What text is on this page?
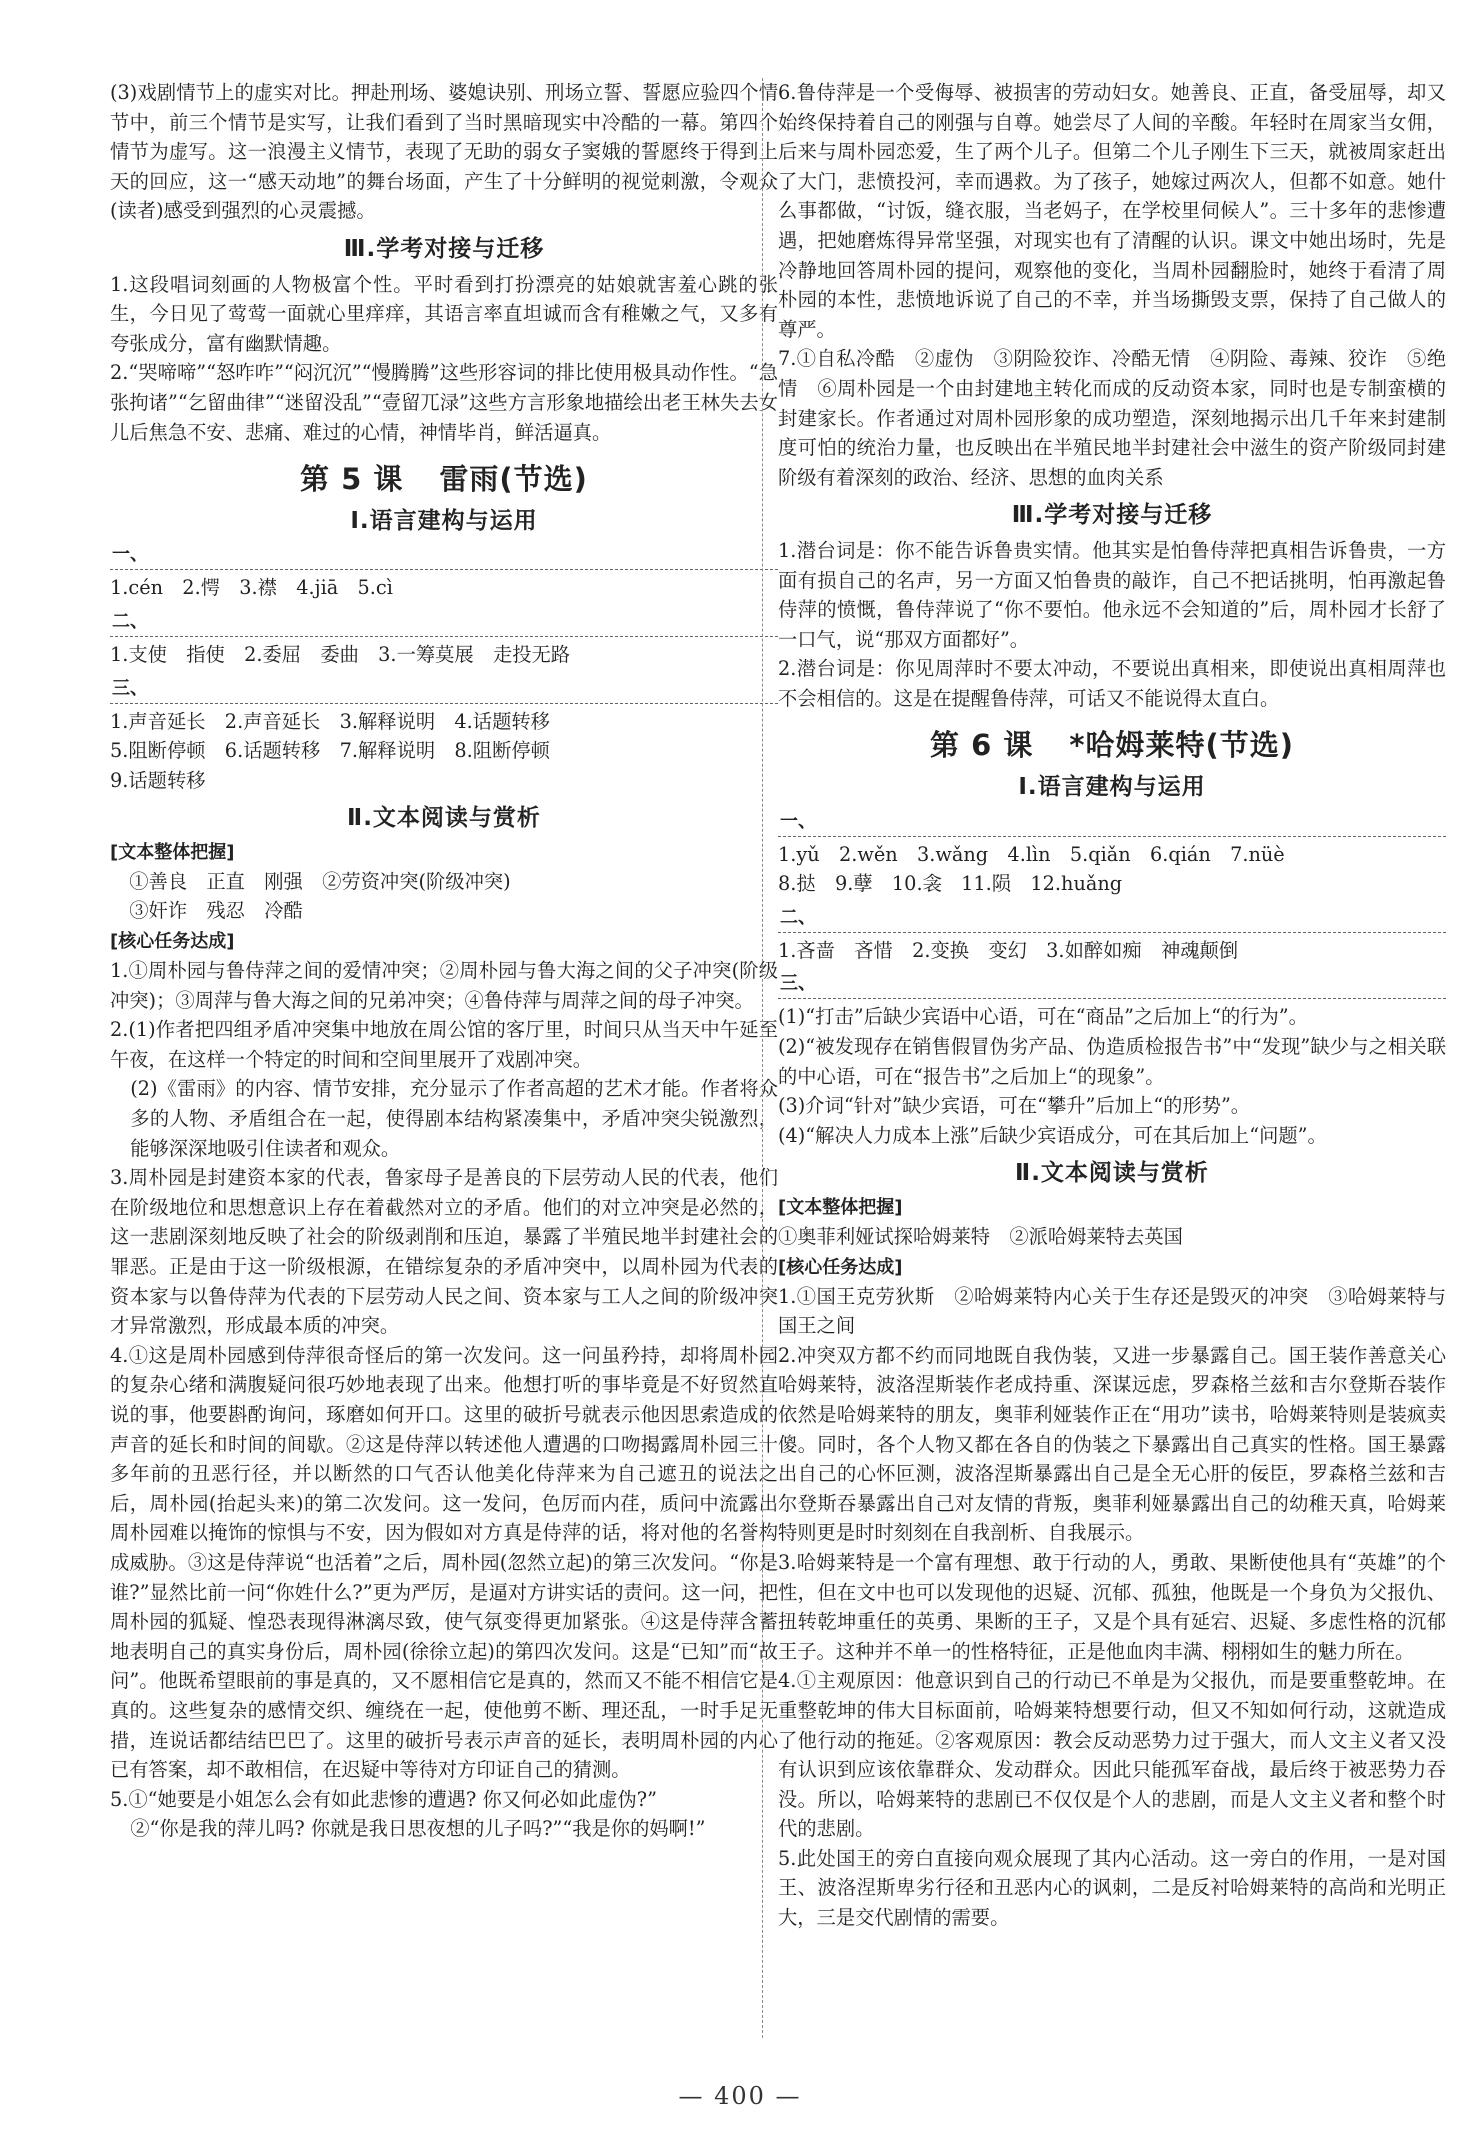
(3)戏剧情节上的虚实对比。押赴刑场、婆媳诀别、刑场立誓、誓愿应验四个情节中，前三个情节是实写，让我们看到了当时黑暗现实中冷酷的一幕。第四个情节为虚写。这一浪漫主义情节，表现了无助的弱女子窦娥的誓愿终于得到上天的回应，这一“感天动地”的舞台场面，产生了十分鲜明的视觉刺激，令观众(读者)感受到强烈的心灵震撼。
Ⅲ.学考对接与迁移
1.这段唱词刻画的人物极富个性。平时看到打扮漂亮的姑娘就害羞心跳的张生，今日见了莺莺一面就心里痒痒，其语言率直坦诚而含有稚嫩之气，又多有夸张成分，富有幽默情趣。
2.“哭啼啼”“怒咋咋”“闷沉沉”“慢腾腾”这些形容词的排比使用极具动作性。“急张拘诸”“乞留曲律”“迷留没乱”“壹留兀渌”这些方言形象地描绘出老王林失去女儿后焦急不安、悲痛、难过的心情，神情毕肖，鲜活逼真。
第 5 课 雷雨(节选)
Ⅰ.语言建构与运用
一、
1.cén　2.愕　3.襟　4.jiā　5.cì
二、
1.支使　指使　2.委屈　委曲　3.一筹莫展　走投无路
三、
1.声音延长　2.声音延长　3.解释说明　4.话题转移
5.阻断停顿　6.话题转移　7.解释说明　8.阻断停顿
9.话题转移
Ⅱ.文本阅读与赏析
[文本整体把握]
　①善良　正直　刚强　②劳资冲突(阶级冲突)
　③奸诈　残忍　冷酷
[核心任务达成]
1.①周朴园与鲁侍萍之间的爱情冲突；②周朴园与鲁大海之间的父子冲突(阶级冲突)；③周萍与鲁大海之间的兄弟冲突；④鲁侍萍与周萍之间的母子冲突。
2.(1)作者把四组矛盾冲突集中地放在周公馆的客厅里，时间只从当天中午延至午夜，在这样一个特定的时间和空间里展开了戏剧冲突。
(2)《雷雨》的内容、情节安排，充分显示了作者高超的艺术才能。作者将众多的人物、矛盾组合在一起，使得剧本结构紧凑集中，矛盾冲突尖锐激烈，能够深深地吸引住读者和观众。
3.周朴园是封建资本家的代表，鲁家母子是善良的下层劳动人民的代表，他们在阶级地位和思想意识上存在着截然对立的矛盾。他们的对立冲突是必然的，这一悲剧深刻地反映了社会的阶级剥削和压迫，暴露了半殖民地半封建社会的罪恶。正是由于这一阶级根源，在错综复杂的矛盾冲突中，以周朴园为代表的资本家与以鲁侍萍为代表的下层劳动人民之间、资本家与工人之间的阶级冲突才异常激烈，形成最本质的冲突。
4.①这是周朴园感到侍萍很奇怪后的第一次发问。这一问虽矜持，却将周朴园的复杂心绪和满腹疑问很巧妙地表现了出来。他想打听的事毕竟是不好贸然直说的事，他要斟酌询问，琢磨如何开口。这里的破折号就表示他因思索造成的声音的延长和时间的间歇。②这是侍萍以转述他人遭遇的口吻揭露周朴园三十多年前的丑恶行径，并以断然的口气否认他美化侍萍来为自己遮丑的说法之后，周朴园(抬起头来)的第二次发问。这一发问，色厉而内荏，质问中流露出周朴园难以掩饰的惊惧与不安，因为假如对方真是侍萍的话，将对他的名誉构成威胁。③这是侍萍说“也活着”之后，周朴园(忽然立起)的第三次发问。“你是谁?”显然比前一问“你姓什么?”更为严厉，是逼对方讲实话的责问。这一问，把周朴园的狐疑、惶恐表现得淋漓尽致，使气氛变得更加紧张。④这是侍萍含蓄地表明自己的真实身份后，周朴园(徐徐立起)的第四次发问。这是“已知”而“故问”。他既希望眼前的事是真的，又不愿相信它是真的，然而又不能不相信它是真的。这些复杂的感情交织、缠绕在一起，使他剪不断、理还乱，一时手足无措，连说话都结结巴巴了。这里的破折号表示声音的延长，表明周朴园的内心已有答案，却不敢相信，在迟疑中等待对方印证自己的猜测。
5.①“她要是小姐怎么会有如此悲惨的遭遇? 你又何必如此虚伪?”
②“你是我的萍儿吗? 你就是我日思夜想的儿子吗?”“我是你的妈啊!”
6.鲁侍萍是一个受侮辱、被损害的劳动妇女。她善良、正直，备受屈辱，却又始终保持着自己的刚强与自尊。她尝尽了人间的辛酸。年轻时在周家当女佣，后来与周朴园恋爱，生了两个儿子。但第二个儿子刚生下三天，就被周家赶出了大门，悲愤投河，幸而遇救。为了孩子，她嫁过两次人，但都不如意。她什么事都做，“讨饭，缝衣服，当老妈子，在学校里伺候人”。三十多年的悲惨遭遇，把她磨炼得异常坚强，对现实也有了清醒的认识。课文中她出场时，先是冷静地回答周朴园的提问，观察他的变化，当周朴园翻脸时，她终于看清了周朴园的本性，悲愤地诉说了自己的不幸，并当场撕毁支票，保持了自己做人的尊严。
7.①自私冷酷　②虚伪　③阴险狡诈、冷酷无情　④阴险、毒辣、狡诈　⑤绝情　⑥周朴园是一个由封建地主转化而成的反动资本家，同时也是专制蛮横的封建家长。作者通过对周朴园形象的成功塑造，深刻地揭示出几千年来封建制度可怕的统治力量，也反映出在半殖民地半封建社会中滋生的资产阶级同封建阶级有着深刻的政治、经济、思想的血肉关系
Ⅲ.学考对接与迁移
1.潜台词是：你不能告诉鲁贵实情。他其实是怕鲁侍萍把真相告诉鲁贵，一方面有损自己的名声，另一方面又怕鲁贵的敲诈，自己不把话挑明，怕再激起鲁侍萍的愤慨，鲁侍萍说了“你不要怕。他永远不会知道的”后，周朴园才长舒了一口气，说“那双方面都好”。
2.潜台词是：你见周萍时不要太冲动，不要说出真相来，即使说出真相周萍也不会相信的。这是在提醒鲁侍萍，可话又不能说得太直白。
第 6 课 *哈姆莱特(节选)
Ⅰ.语言建构与运用
一、
1.yǔ　2.wěn　3.wǎng　4.lìn　5.qiǎn　6.qián　7.nüè
8.挞　9.孽　10.衾　11.陨　12.huǎng
二、
1.吝啬　吝惜　2.变换　变幻　3.如醉如痴　神魂颠倒
三、
(1)“打击”后缺少宾语中心语，可在“商品”之后加上“的行为”。
(2)“被发现存在销售假冒伪劣产品、伪造质检报告书”中“发现”缺少与之相关联的中心语，可在“报告书”之后加上“的现象”。
(3)介词“针对”缺少宾语，可在“攀升”后加上“的形势”。
(4)“解决人力成本上涨”后缺少宾语成分，可在其后加上“问题”。
Ⅱ.文本阅读与赏析
[文本整体把握]
①奥菲利娅试探哈姆莱特　②派哈姆莱特去英国
[核心任务达成]
1.①国王克劳狄斯　②哈姆莱特内心关于生存还是毁灭的冲突　③哈姆莱特与国王之间
2.冲突双方都不约而同地既自我伪装，又进一步暴露自己。国王装作善意关心哈姆莱特，波洛涅斯装作老成持重、深谋远虑，罗森格兰兹和吉尔登斯吞装作依然是哈姆莱特的朋友，奥菲利娅装作正在“用功”读书，哈姆莱特则是装疯卖傻。同时，各个人物又都在各自的伪装之下暴露出自己真实的性格。国王暴露出自己的心怀叵测，波洛涅斯暴露出自己是全无心肝的佞臣，罗森格兰兹和吉尔登斯吞暴露出自己对友情的背叛，奥菲利娅暴露出自己的幼稚天真，哈姆莱特则更是时时刻刻在自我剖析、自我展示。
3.哈姆莱特是一个富有理想、敢于行动的人，勇敢、果断使他具有“英雄”的个性，但在文中也可以发现他的迟疑、沉郁、孤独，他既是一个身负为父报仇、扭转乾坤重任的英勇、果断的王子，又是个具有延宕、迟疑、多虑性格的沉郁王子。这种并不单一的性格特征，正是他血肉丰满、栩栩如生的魅力所在。
4.①主观原因：他意识到自己的行动已不单是为父报仇，而是要重整乾坤。在重整乾坤的伟大目标面前，哈姆莱特想要行动，但又不知如何行动，这就造成了他行动的拖延。②客观原因：教会反动恶势力过于强大，而人文主义者又没有认识到应该依靠群众、发动群众。因此只能孤军奋战，最后终于被恶势力吞没。所以，哈姆莱特的悲剧已不仅仅是个人的悲剧，而是人文主义者和整个时代的悲剧。
5.此处国王的旁白直接向观众展现了其内心活动。这一旁白的作用，一是对国王、波洛涅斯卑劣行径和丑恶内心的讽刺，二是反衬哈姆莱特的高尚和光明正大，三是交代剧情的需要。
— 400 —
